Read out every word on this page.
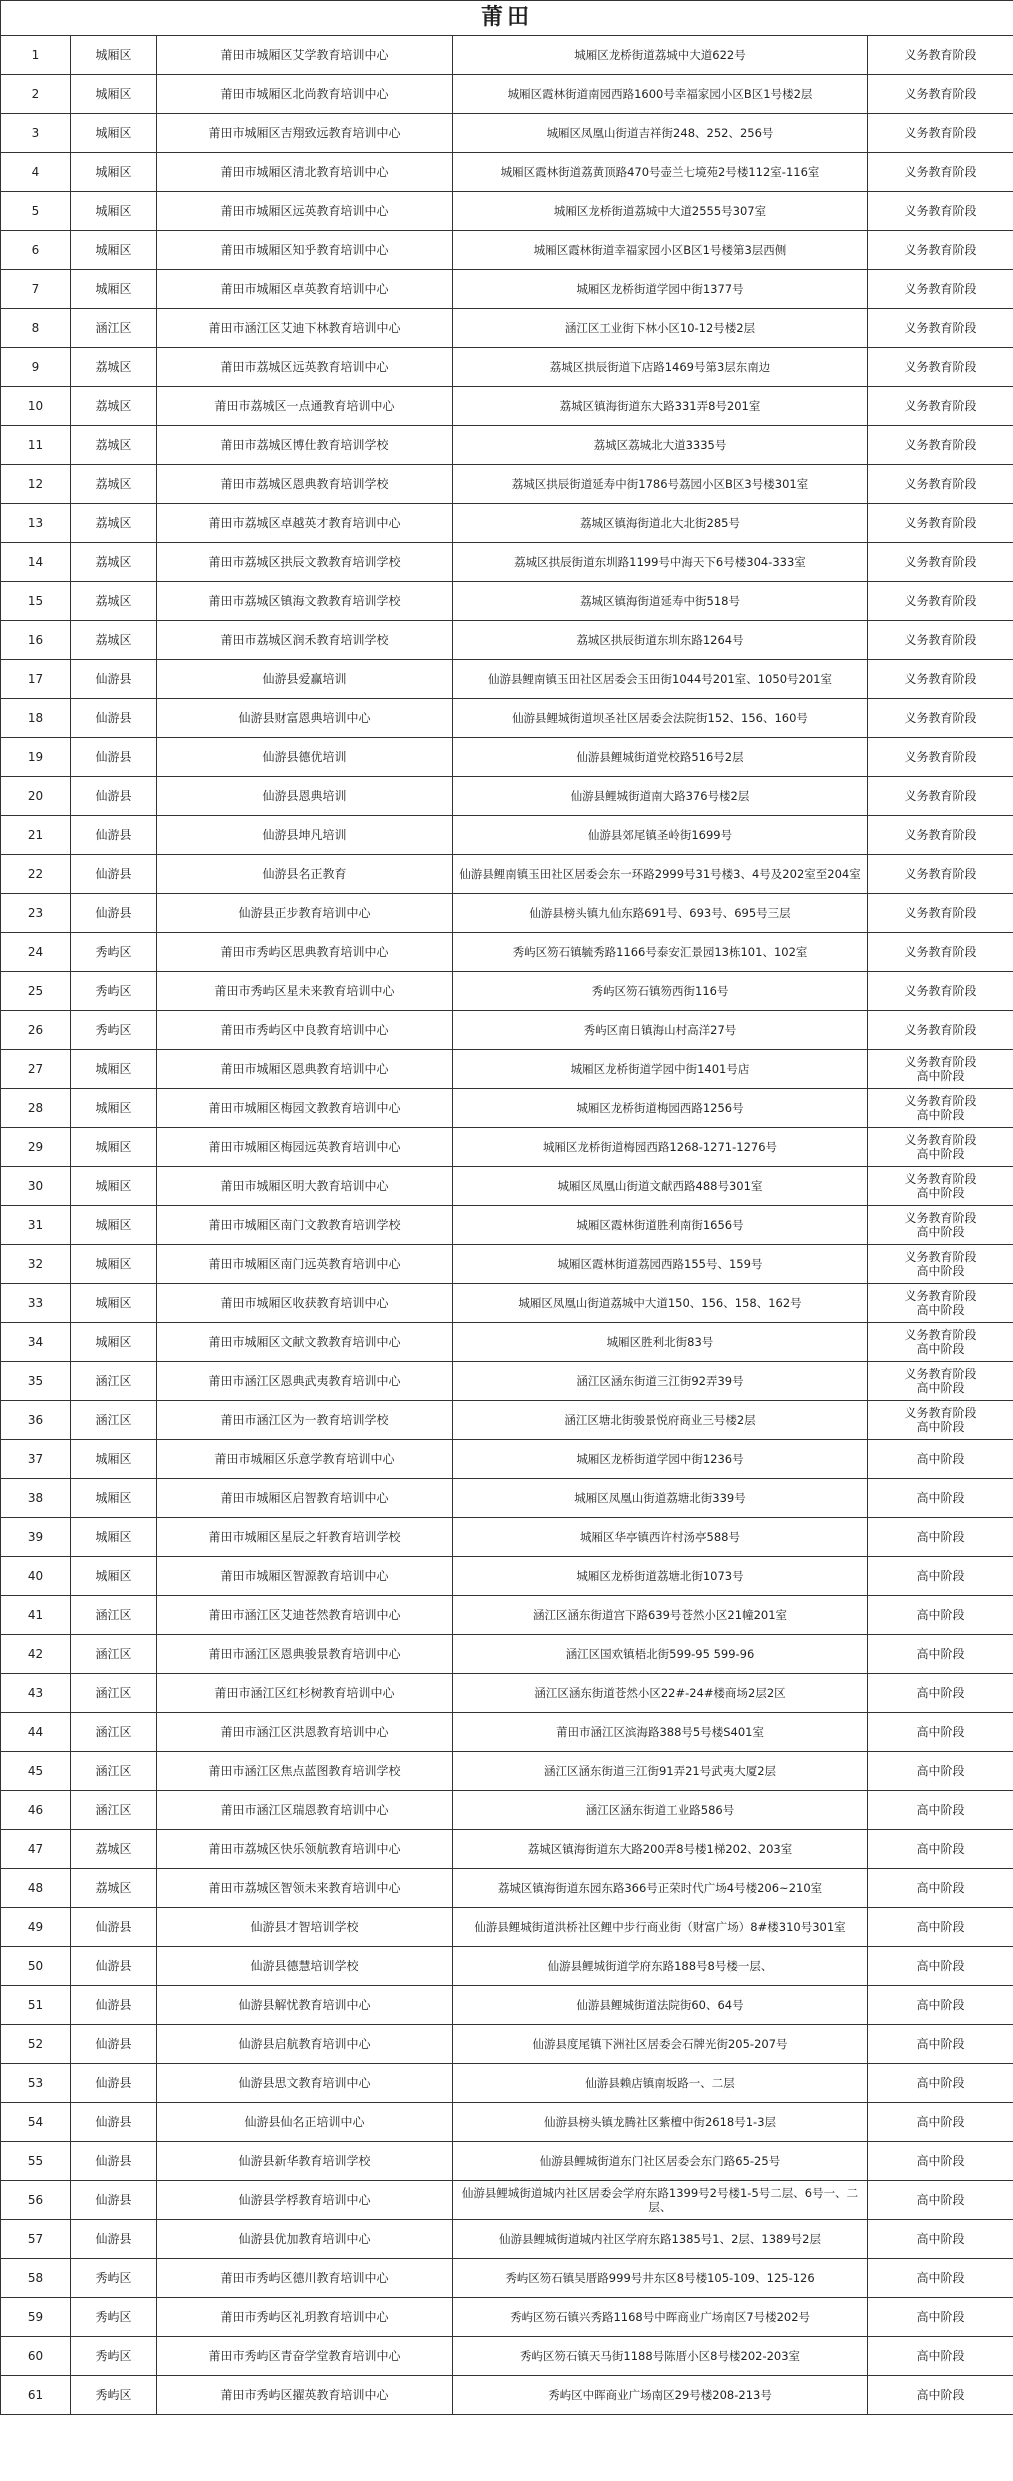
莆田				
1	城厢区	莆田市城厢区艾学教育培训中心	城厢区龙桥街道荔城中大道622号	义务教育阶段
2	城厢区	莆田市城厢区北尚教育培训中心	城厢区霞林街道南园西路1600号幸福家园小区B区1号楼2层	义务教育阶段
3	城厢区	莆田市城厢区吉翔致远教育培训中心	城厢区凤凰山街道吉祥街248、252、256号	义务教育阶段
4	城厢区	莆田市城厢区清北教育培训中心	城厢区霞林街道荔黄顶路470号壶兰七境苑2号楼112室-116室	义务教育阶段
5	城厢区	莆田市城厢区远英教育培训中心	城厢区龙桥街道荔城中大道2555号307室	义务教育阶段
6	城厢区	莆田市城厢区知乎教育培训中心	城厢区霞林街道幸福家园小区B区1号楼第3层西侧	义务教育阶段
7	城厢区	莆田市城厢区卓英教育培训中心	城厢区龙桥街道学园中街1377号	义务教育阶段
8	涵江区	莆田市涵江区艾迪下林教育培训中心	涵江区工业街下林小区10-12号楼2层	义务教育阶段
9	荔城区	莆田市荔城区远英教育培训中心	荔城区拱辰街道下店路1469号第3层东南边	义务教育阶段
10	荔城区	莆田市荔城区一点通教育培训中心	荔城区镇海街道东大路331弄8号201室	义务教育阶段
11	荔城区	莆田市荔城区博仕教育培训学校	荔城区荔城北大道3335号	义务教育阶段
12	荔城区	莆田市荔城区恩典教育培训学校	荔城区拱辰街道延寿中街1786号荔园小区B区3号楼301室	义务教育阶段
13	荔城区	莆田市荔城区卓越英才教育培训中心	荔城区镇海街道北大北街285号	义务教育阶段
14	荔城区	莆田市荔城区拱辰文教教育培训学校	荔城区拱辰街道东圳路1199号中海天下6号楼304-333室	义务教育阶段
15	荔城区	莆田市荔城区镇海文教教育培训学校	荔城区镇海街道延寿中街518号	义务教育阶段
16	荔城区	莆田市荔城区润禾教育培训学校	荔城区拱辰街道东圳东路1264号	义务教育阶段
17	仙游县	仙游县爱赢培训	仙游县鲤南镇玉田社区居委会玉田街1044号201室、1050号201室	义务教育阶段
18	仙游县	仙游县财富恩典培训中心	仙游县鲤城街道坝圣社区居委会法院街152、156、160号	义务教育阶段
19	仙游县	仙游县德优培训	仙游县鲤城街道党校路516号2层	义务教育阶段
20	仙游县	仙游县恩典培训	仙游县鲤城街道南大路376号楼2层	义务教育阶段
21	仙游县	仙游县坤凡培训	仙游县郊尾镇圣岭街1699号	义务教育阶段
22	仙游县	仙游县名正教育	仙游县鲤南镇玉田社区居委会东一环路2999号31号楼3、4号及202室至204室	义务教育阶段
23	仙游县	仙游县正步教育培训中心	仙游县榜头镇九仙东路691号、693号、695号三层	义务教育阶段
24	秀屿区	莆田市秀屿区思典教育培训中心	秀屿区笏石镇毓秀路1166号泰安汇景园13栋101、102室	义务教育阶段
25	秀屿区	莆田市秀屿区星未来教育培训中心	秀屿区笏石镇笏西街116号	义务教育阶段
26	秀屿区	莆田市秀屿区中良教育培训中心	秀屿区南日镇海山村高洋27号	义务教育阶段
27	城厢区	莆田市城厢区恩典教育培训中心	城厢区龙桥街道学园中街1401号店	义务教育阶段
高中阶段
28	城厢区	莆田市城厢区梅园文教教育培训中心	城厢区龙桥街道梅园西路1256号	义务教育阶段
高中阶段
29	城厢区	莆田市城厢区梅园远英教育培训中心	城厢区龙桥街道梅园西路1268-1271-1276号	义务教育阶段
高中阶段
30	城厢区	莆田市城厢区明大教育培训中心	城厢区凤凰山街道文献西路488号301室	义务教育阶段
高中阶段
31	城厢区	莆田市城厢区南门文教教育培训学校	城厢区霞林街道胜利南街1656号	义务教育阶段
高中阶段
32	城厢区	莆田市城厢区南门远英教育培训中心	城厢区霞林街道荔园西路155号、159号	义务教育阶段
高中阶段
33	城厢区	莆田市城厢区收获教育培训中心	城厢区凤凰山街道荔城中大道150、156、158、162号	义务教育阶段
高中阶段
34	城厢区	莆田市城厢区文献文教教育培训中心	城厢区胜利北街83号	义务教育阶段
高中阶段
35	涵江区	莆田市涵江区恩典武夷教育培训中心	涵江区涵东街道三江街92弄39号	义务教育阶段
高中阶段
36	涵江区	莆田市涵江区为一教育培训学校	涵江区塘北街骏景悦府商业三号楼2层	义务教育阶段
高中阶段
37	城厢区	莆田市城厢区乐意学教育培训中心	城厢区龙桥街道学园中街1236号	高中阶段
38	城厢区	莆田市城厢区启智教育培训中心	城厢区凤凰山街道荔塘北街339号	高中阶段
39	城厢区	莆田市城厢区星辰之轩教育培训学校	城厢区华亭镇西许村汤亭588号	高中阶段
40	城厢区	莆田市城厢区智源教育培训中心	城厢区龙桥街道荔塘北街1073号	高中阶段
41	涵江区	莆田市涵江区艾迪苍然教育培训中心	涵江区涵东街道宫下路639号苍然小区21幢201室	高中阶段
42	涵江区	莆田市涵江区恩典骏景教育培训中心	涵江区国欢镇梧北街599-95 599-96	高中阶段
43	涵江区	莆田市涵江区红杉树教育培训中心	涵江区涵东街道苍然小区22#-24#楼商场2层2区	高中阶段
44	涵江区	莆田市涵江区洪恩教育培训中心	莆田市涵江区滨海路388号5号楼S401室	高中阶段
45	涵江区	莆田市涵江区焦点蓝图教育培训学校	涵江区涵东街道三江街91弄21号武夷大厦2层	高中阶段
46	涵江区	莆田市涵江区瑞恩教育培训中心	涵江区涵东街道工业路586号	高中阶段
47	荔城区	莆田市荔城区快乐领航教育培训中心	荔城区镇海街道东大路200弄8号楼1梯202、203室	高中阶段
48	荔城区	莆田市荔城区智领未来教育培训中心	荔城区镇海街道东园东路366号正荣时代广场4号楼206~210室	高中阶段
49	仙游县	仙游县才智培训学校	仙游县鲤城街道洪桥社区鲤中步行商业街（财富广场）8#楼310号301室	高中阶段
50	仙游县	仙游县德慧培训学校	仙游县鲤城街道学府东路188号8号楼一层、	高中阶段
51	仙游县	仙游县解忧教育培训中心	仙游县鲤城街道法院街60、64号	高中阶段
52	仙游县	仙游县启航教育培训中心	仙游县度尾镇下洲社区居委会石牌光街205-207号	高中阶段
53	仙游县	仙游县思文教育培训中心	仙游县赖店镇南坂路一、二层	高中阶段
54	仙游县	仙游县仙名正培训中心	仙游县榜头镇龙腾社区紫檀中街2618号1-3层	高中阶段
55	仙游县	仙游县新华教育培训学校	仙游县鲤城街道东门社区居委会东门路65-25号	高中阶段
56	仙游县	仙游县学桴教育培训中心	仙游县鲤城街道城内社区居委会学府东路1399号2号楼1-5号二层、6号一、二层、	高中阶段
57	仙游县	仙游县优加教育培训中心	仙游县鲤城街道城内社区学府东路1385号1、2层、1389号2层	高中阶段
58	秀屿区	莆田市秀屿区德川教育培训中心	秀屿区笏石镇吴厝路999号井东区8号楼105-109、125-126	高中阶段
59	秀屿区	莆田市秀屿区礼玥教育培训中心	秀屿区笏石镇兴秀路1168号中晖商业广场南区7号楼202号	高中阶段
60	秀屿区	莆田市秀屿区青奋学堂教育培训中心	秀屿区笏石镇天马街1188号陈厝小区8号楼202-203室	高中阶段
61	秀屿区	莆田市秀屿区擢英教育培训中心	秀屿区中晖商业广场南区29号楼208-213号	高中阶段
